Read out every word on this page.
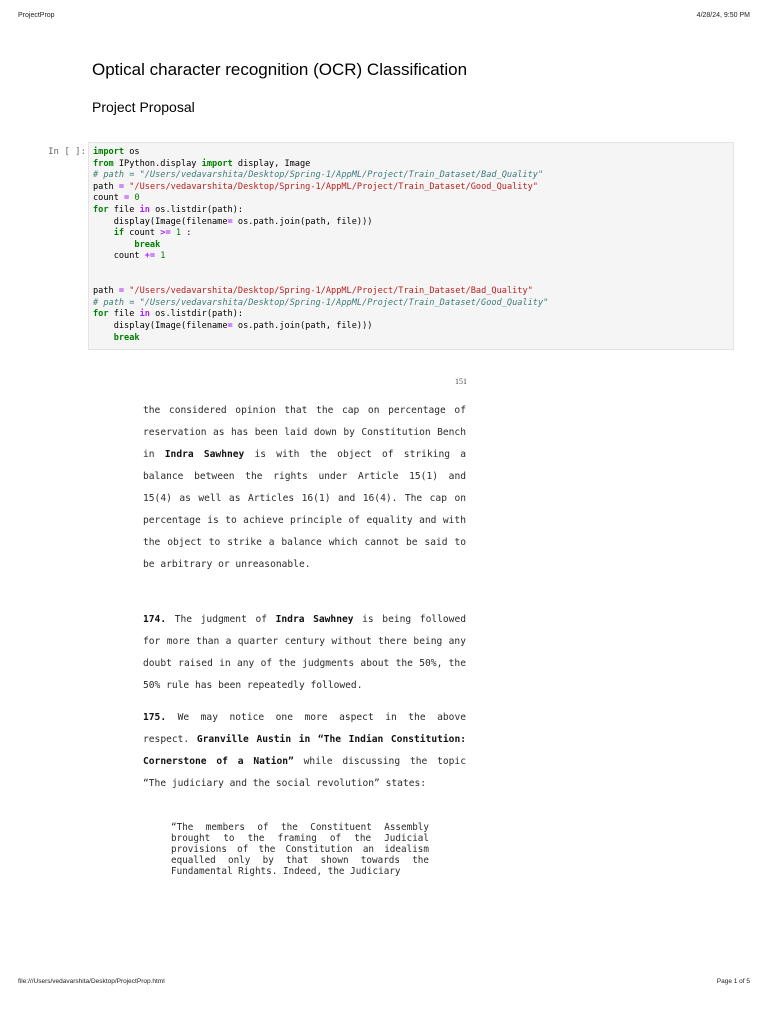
ProjectProp	4/28/24, 9:50 PM
Optical character recognition (OCR) Classification
Project Proposal
In [ ]: import os
from IPython.display import display, Image
# path = "/Users/vedavarshita/Desktop/Spring-1/AppML/Project/Train_Dataset/Bad_Quality"
path = "/Users/vedavarshita/Desktop/Spring-1/AppML/Project/Train_Dataset/Good_Quality"
count = 0
for file in os.listdir(path):
display(Image(filename= os.path.join(path, file)))
if count >= 1 :
break
count += 1
path = "/Users/vedavarshita/Desktop/Spring-1/AppML/Project/Train_Dataset/Bad_Quality"
# path = "/Users/vedavarshita/Desktop/Spring-1/AppML/Project/Train_Dataset/Good_Quality"
for file in os.listdir(path):
display(Image(filename= os.path.join(path, file)))
break
151

the considered opinion that the cap on percentage of reservation as has been laid down by Constitution Bench in Indra Sawhney is with the object of striking a balance between the rights under Article 15(1) and 15(4) as well as Articles 16(1) and 16(4). The cap on percentage is to achieve principle of equality and with the object to strike a balance which cannot be said to be arbitrary or unreasonable.

174. The judgment of Indra Sawhney is being followed for more than a quarter century without there being any doubt raised in any of the judgments about the 50%, the 50% rule has been repeatedly followed.

175. We may notice one more aspect in the above respect. Granville Austin in “The Indian Constitution: Cornerstone of a Nation” while discussing the topic “The judiciary and the social revolution” states:

“The members of the Constituent Assembly brought to the framing of the Judicial provisions of the Constitution an idealism equalled only by that shown towards the Fundamental Rights. Indeed, the Judiciary

file:///Users/vedavarshita/Desktop/ProjectProp.html	Page 1 of 5
